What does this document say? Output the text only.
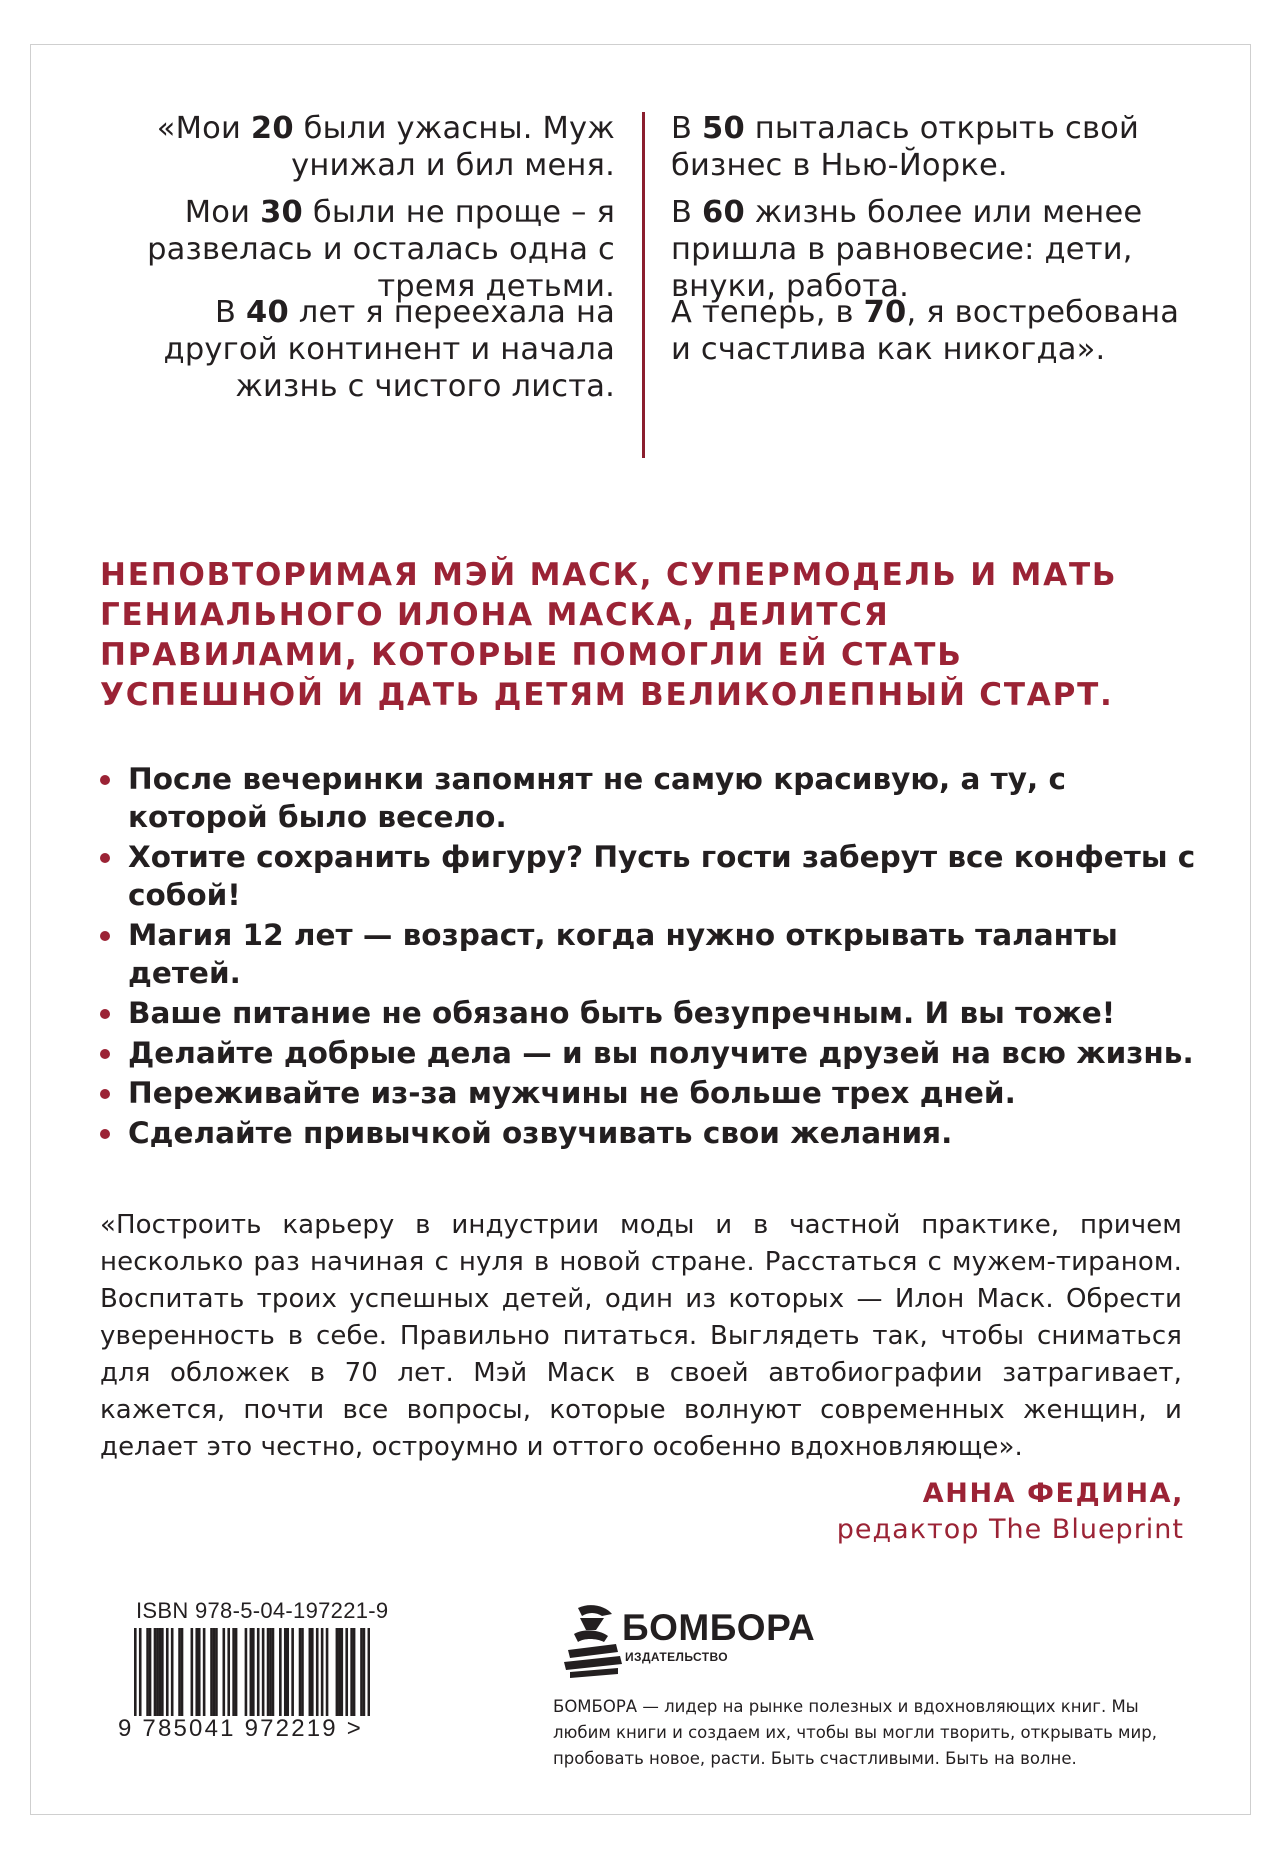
«Мои 20 были ужасны. Муж унижал и бил меня.
Мои 30 были не проще – я развелась и осталась одна с тремя детьми.
В 40 лет я переехала на другой континент и начала жизнь с чистого листа.
В 50 пыталась открыть свой бизнес в Нью-Йорке.
В 60 жизнь более или менее пришла в равновесие: дети, внуки, работа.
А теперь, в 70, я востребована и счастлива как никогда».
НЕПОВТОРИМАЯ МЭЙ МАСК, СУПЕРМОДЕЛЬ И МАТЬ ГЕНИАЛЬНОГО ИЛОНА МАСКА, ДЕЛИТСЯ ПРАВИЛАМИ, КОТОРЫЕ ПОМОГЛИ ЕЙ СТАТЬ УСПЕШНОЙ И ДАТЬ ДЕТЯМ ВЕЛИКОЛЕПНЫЙ СТАРТ.
После вечеринки запомнят не самую красивую, а ту, с которой было весело.
Хотите сохранить фигуру? Пусть гости заберут все конфеты с собой!
Магия 12 лет — возраст, когда нужно открывать таланты детей.
Ваше питание не обязано быть безупречным. И вы тоже!
Делайте добрые дела — и вы получите друзей на всю жизнь.
Переживайте из-за мужчины не больше трех дней.
Сделайте привычкой озвучивать свои желания.
«Построить карьеру в индустрии моды и в частной практике, причем несколько раз начиная с нуля в новой стране. Расстаться с мужем-тираном. Воспитать троих успешных детей, один из которых — Илон Маск. Обрести уверенность в себе. Правильно питаться. Выглядеть так, чтобы сниматься для обложек в 70 лет. Мэй Маск в своей автобиографии затрагивает, кажется, почти все вопросы, которые волнуют современных женщин, и делает это честно, остроумно и оттого особенно вдохновляюще».
АННА ФЕДИНА,
редактор The Blueprint
ISBN 978-5-04-197221-9
9 785041 972219 >
БОМБОРА
ИЗДАТЕЛЬСТВО
БОМБОРА — лидер на рынке полезных и вдохновляющих книг. Мы любим книги и создаем их, чтобы вы могли творить, открывать мир, пробовать новое, расти. Быть счастливыми. Быть на волне.
